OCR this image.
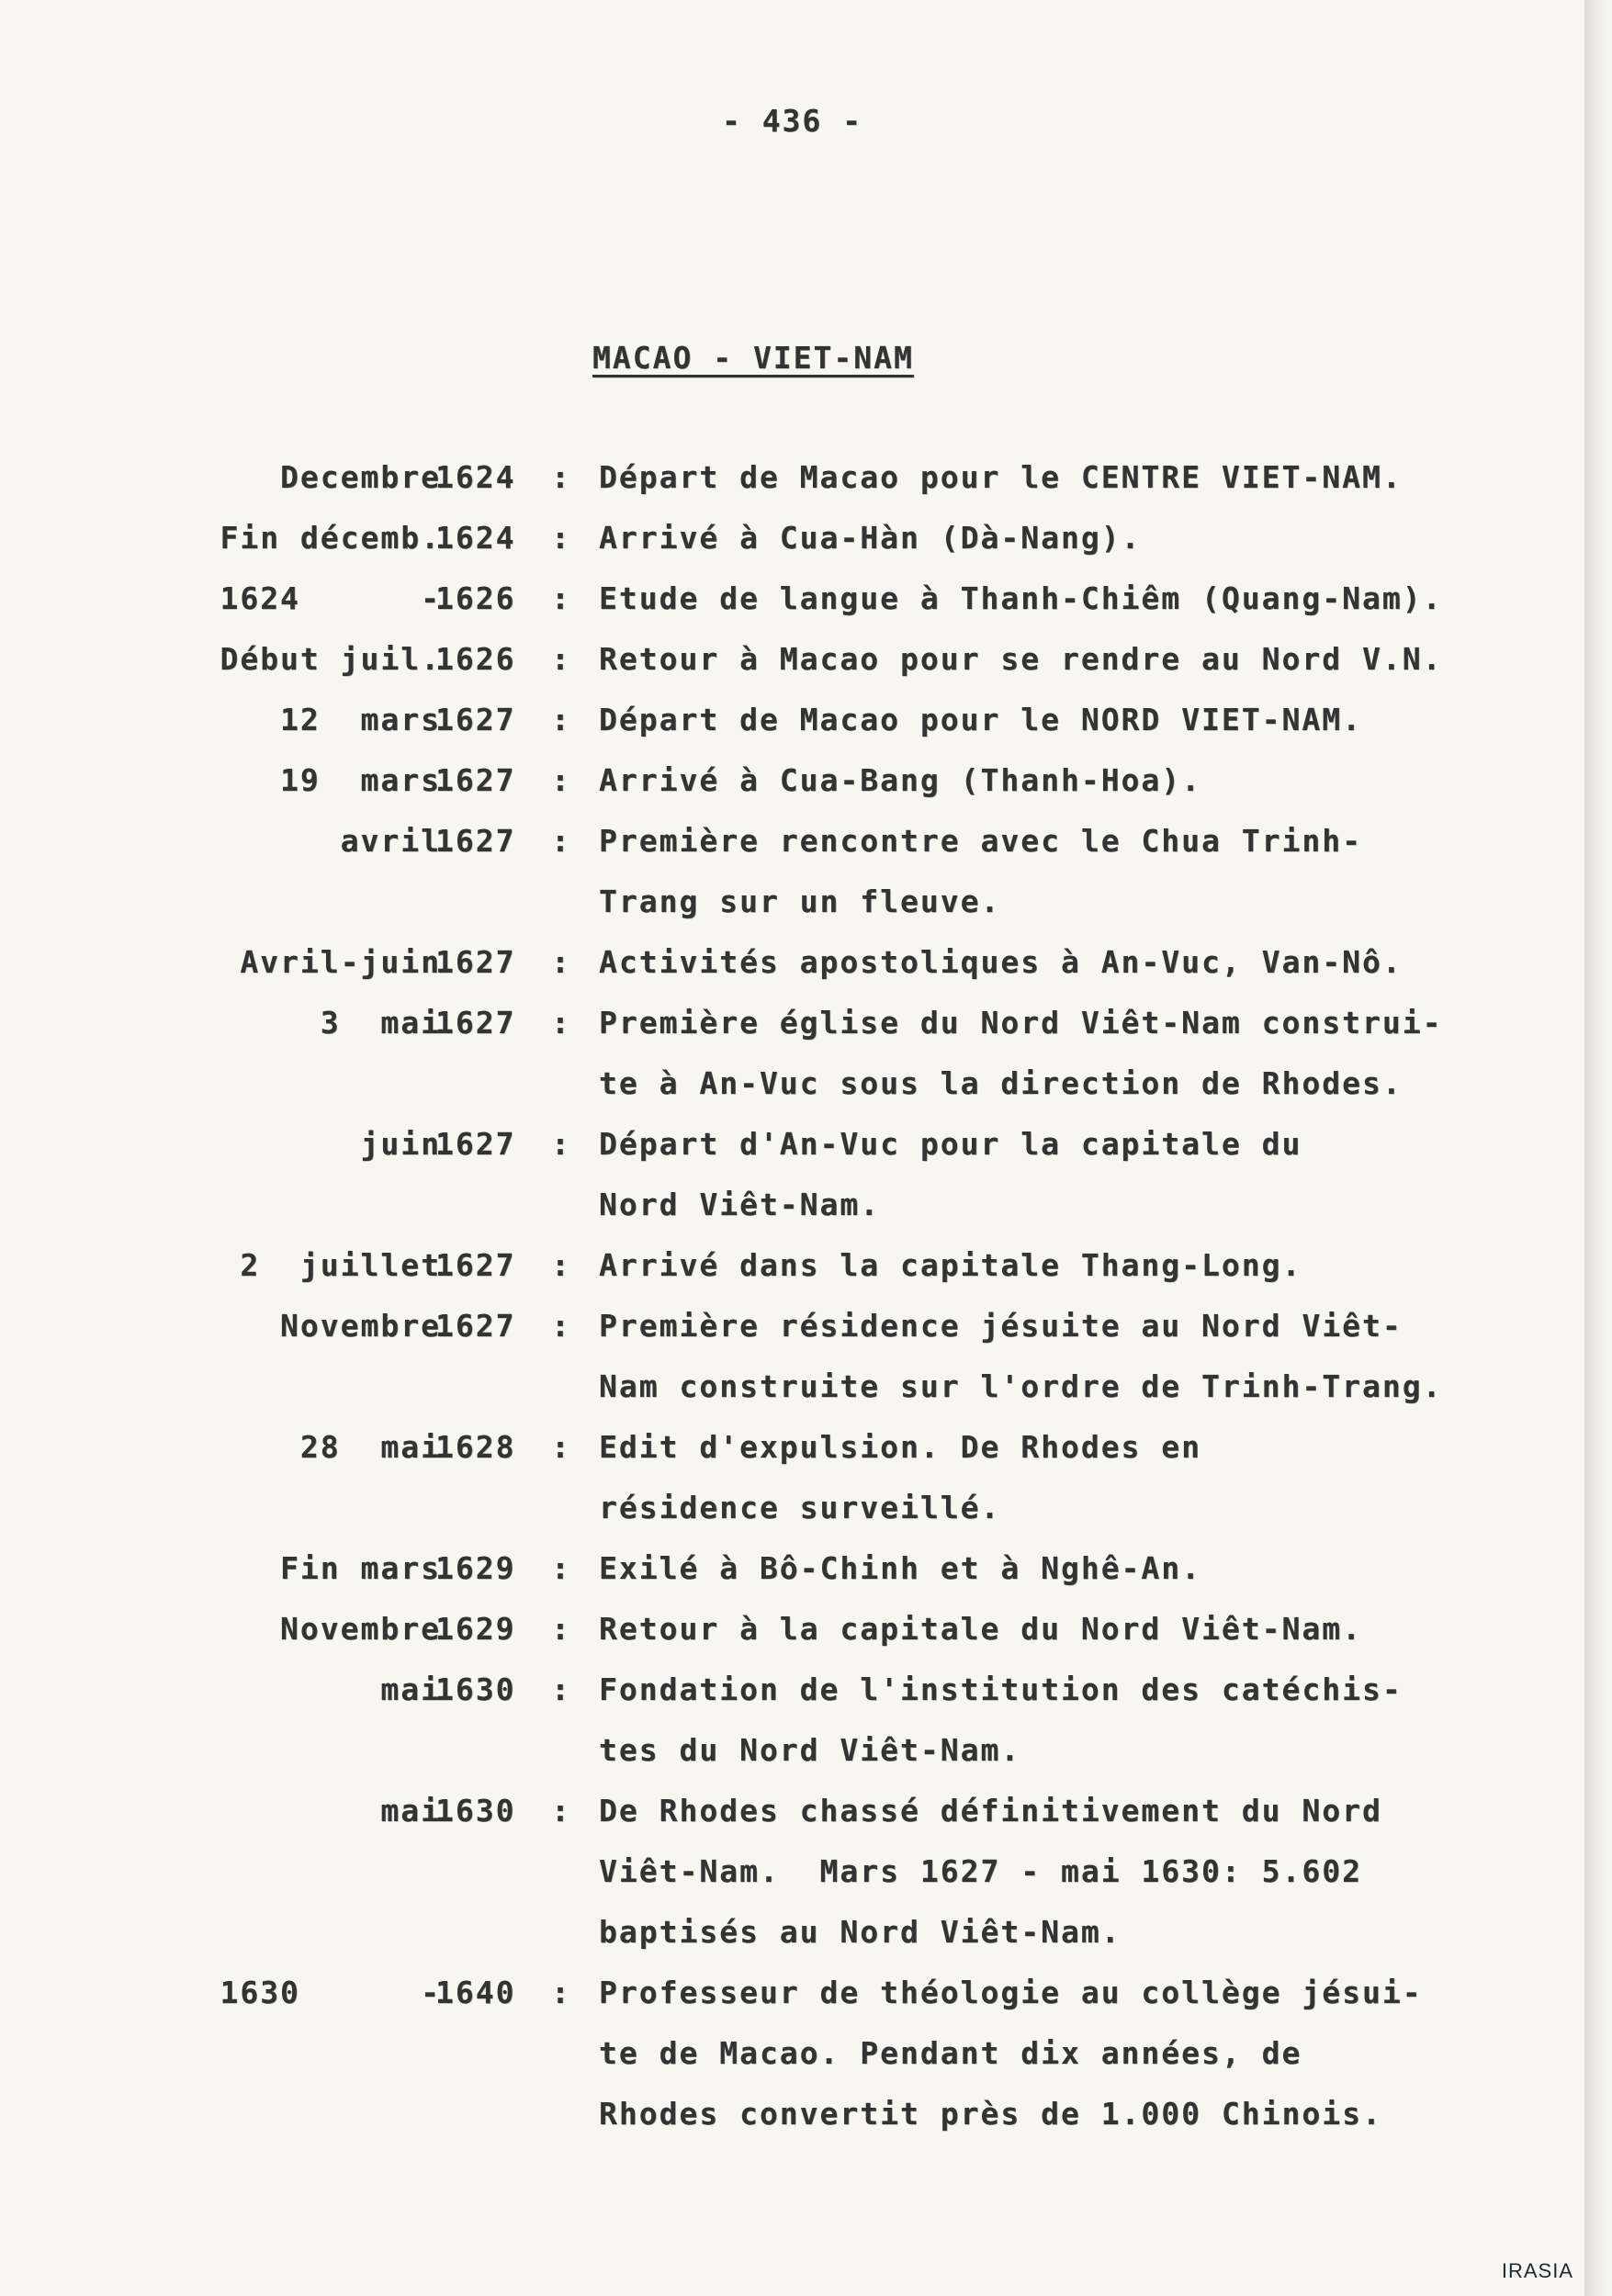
- 436 -
MACAO - VIET-NAM
Decembre
1624 : Départ de Macao pour le CENTRE VIET-NAM.
Fin décemb.
1624 : Arrivé à Cua-Hàn (Dà-Nang).
1624      -
1626 : Etude de langue à Thanh-Chiêm (Quang-Nam).
Début juil.
1626 : Retour à Macao pour se rendre au Nord V.N.
12  mars
1627 : Départ de Macao pour le NORD VIET-NAM.
19  mars
1627 : Arrivé à Cua-Bang (Thanh-Hoa).
avril
1627 : Première rencontre avec le Chua Trinh-
Trang sur un fleuve.
Avril-juin
1627 : Activités apostoliques à An-Vuc, Van-Nô.
3  mai
1627 : Première église du Nord Viêt-Nam construi-
te à An-Vuc sous la direction de Rhodes.
juin
1627 : Départ d'An-Vuc pour la capitale du
Nord Viêt-Nam.
2  juillet
1627 : Arrivé dans la capitale Thang-Long.
Novembre
1627 : Première résidence jésuite au Nord Viêt-
Nam construite sur l'ordre de Trinh-Trang.
28  mai
1628 : Edit d'expulsion. De Rhodes en
résidence surveillé.
Fin mars
1629 : Exilé à Bô-Chinh et à Nghê-An.
Novembre
1629 : Retour à la capitale du Nord Viêt-Nam.
mai
1630 : Fondation de l'institution des catéchis-
tes du Nord Viêt-Nam.
mai
1630 : De Rhodes chassé définitivement du Nord
Viêt-Nam.  Mars 1627 - mai 1630: 5.602
baptisés au Nord Viêt-Nam.
1630      -
1640 : Professeur de théologie au collège jésui-
te de Macao. Pendant dix années, de
Rhodes convertit près de 1.000 Chinois.
IRASIA
